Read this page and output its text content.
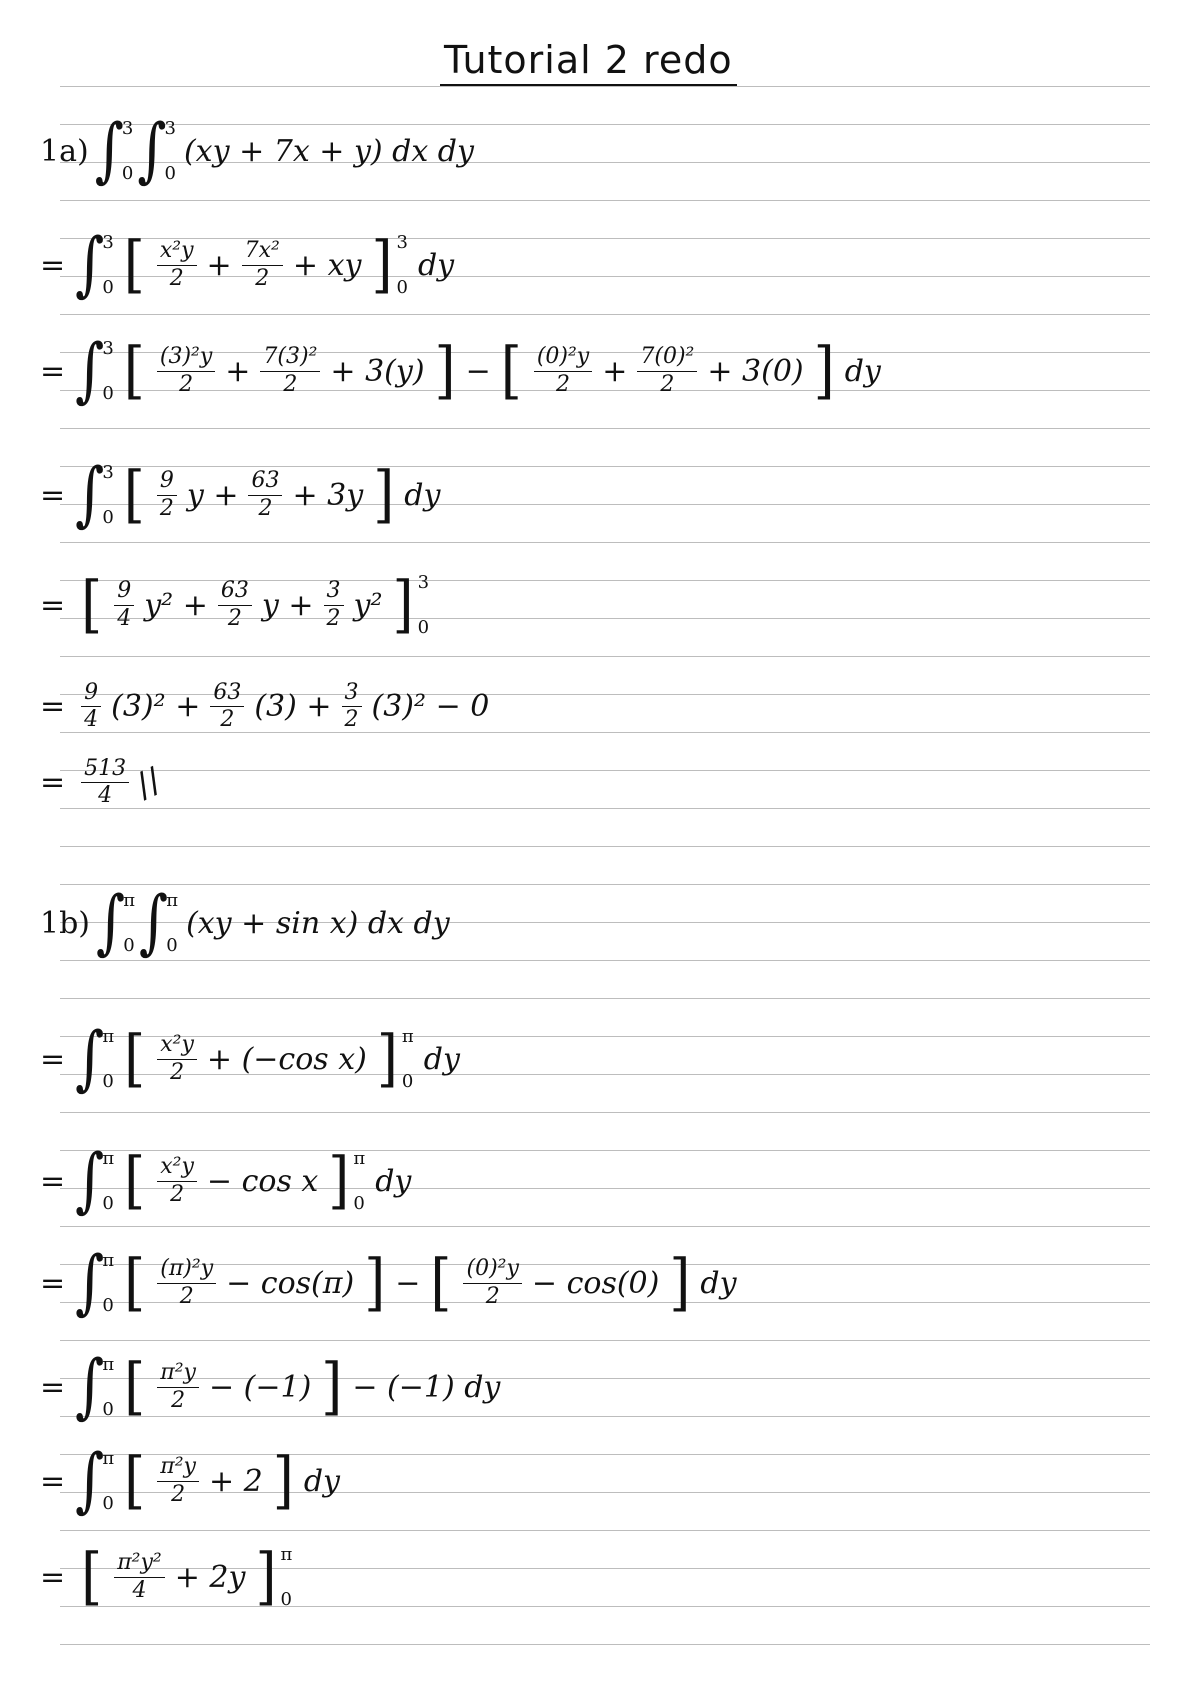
Tutorial 2 redo
1a) ∫
3
0 ∫
3
0
(xy + 7x + y) dx dy
= ∫
3
0 [ $\frac{\text{x²y}}{2} + \frac{\text{7x²}}{2}$ + xy ] 3
0
dy
= ∫
3
0 [ $\frac{\text{(3)²y}}{2} + \frac{\text{7(3)²}}{2} + 3(y)$ ] − [ $\frac{\text{(0)²y}}{2} + \frac{\text{7(0)²}}{2} + 3(0)$ ] dy
= ∫
3
0 [ $\frac{9}{2}$ $y + \frac{63}{2} + 3y$ ] dy
= [ $\frac{9}{4} y^2 + \frac{63}{2}$ $y + \frac{3}{2} y^2$ ] 3
0
= $\frac{9}{4} (3)^2 + \frac{63}{2} (3) + \frac{3}{2} (3)^2 - 0$
= $\frac{513}{4}$ //
1b) ∫
π
0 ∫
π
0
(xy + sin x) dx dy
= ∫
π
0 [ $\frac{\text{x²y}}{2} + (-\cos$ x) ] π
0
dy
= ∫
π
0 [ $\frac{\text{x²y}}{2} - \cos x$ ] π
0
dy
= ∫
π
0 [ $\frac{\text{(π)²y}}{2} - \cos(\pi)$ ] − [ $\frac{\text{(0)²y}}{2} - \cos(0)$ ] dy
= ∫
π
0 [ $\frac{\text{π²y}}{2} - (-1)$ ] − (−1) dy
= ∫
π
0 [ $\frac{\text{π²y}}{2} + 2$ ] dy
= [ $\frac{\text{π²y²}}{4} + 2y$ ] π
0
